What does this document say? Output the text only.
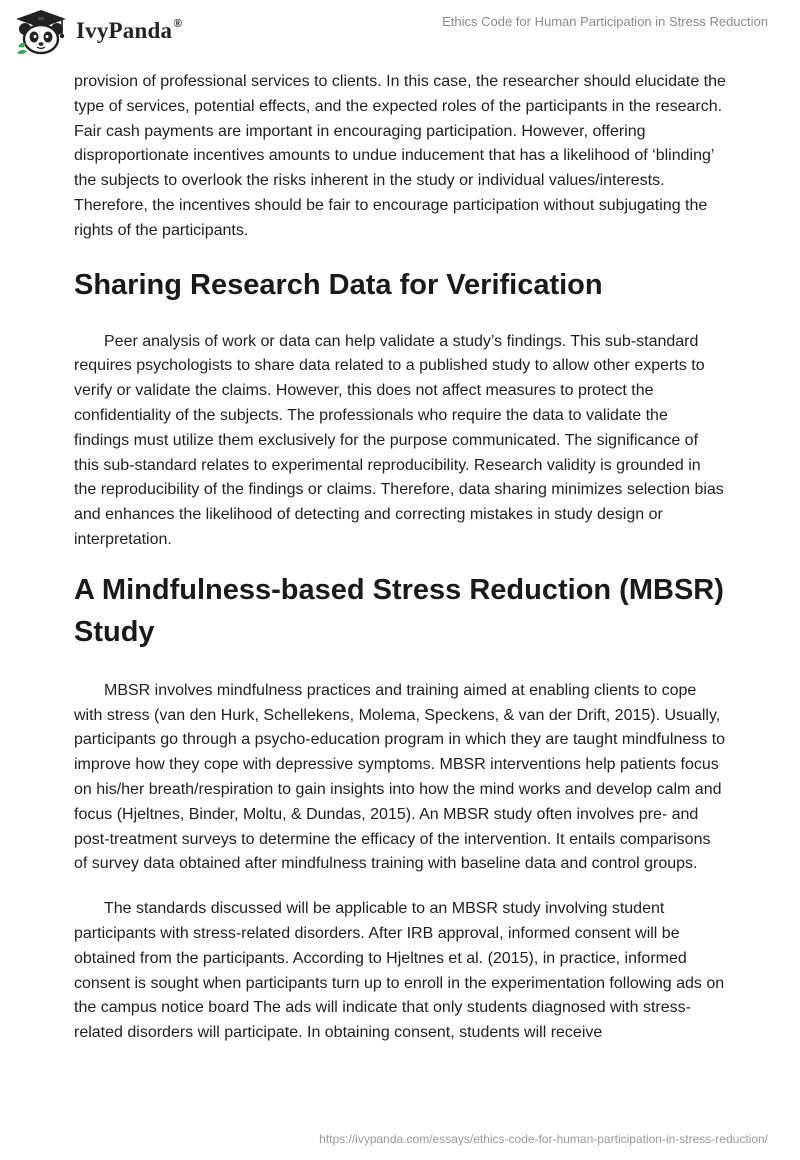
IvyPanda®	Ethics Code for Human Participation in Stress Reduction

provision of professional services to clients. In this case, the researcher should elucidate the type of services, potential effects, and the expected roles of the participants in the research. Fair cash payments are important in encouraging participation. However, offering disproportionate incentives amounts to undue inducement that has a likelihood of ‘blinding’ the subjects to overlook the risks inherent in the study or individual values/interests. Therefore, the incentives should be fair to encourage participation without subjugating the rights of the participants.

Sharing Research Data for Verification

Peer analysis of work or data can help validate a study’s findings. This sub-standard requires psychologists to share data related to a published study to allow other experts to verify or validate the claims. However, this does not affect measures to protect the confidentiality of the subjects. The professionals who require the data to validate the findings must utilize them exclusively for the purpose communicated. The significance of this sub-standard relates to experimental reproducibility. Research validity is grounded in the reproducibility of the findings or claims. Therefore, data sharing minimizes selection bias and enhances the likelihood of detecting and correcting mistakes in study design or interpretation.

A Mindfulness-based Stress Reduction (MBSR) Study

MBSR involves mindfulness practices and training aimed at enabling clients to cope with stress (van den Hurk, Schellekens, Molema, Speckens, & van der Drift, 2015). Usually, participants go through a psycho-education program in which they are taught mindfulness to improve how they cope with depressive symptoms. MBSR interventions help patients focus on his/her breath/respiration to gain insights into how the mind works and develop calm and focus (Hjeltnes, Binder, Moltu, & Dundas, 2015). An MBSR study often involves pre- and post-treatment surveys to determine the efficacy of the intervention. It entails comparisons of survey data obtained after mindfulness training with baseline data and control groups.

The standards discussed will be applicable to an MBSR study involving student participants with stress-related disorders. After IRB approval, informed consent will be obtained from the participants. According to Hjeltnes et al. (2015), in practice, informed consent is sought when participants turn up to enroll in the experimentation following ads on the campus notice board The ads will indicate that only students diagnosed with stress-related disorders will participate. In obtaining consent, students will receive

https://ivypanda.com/essays/ethics-code-for-human-participation-in-stress-reduction/
